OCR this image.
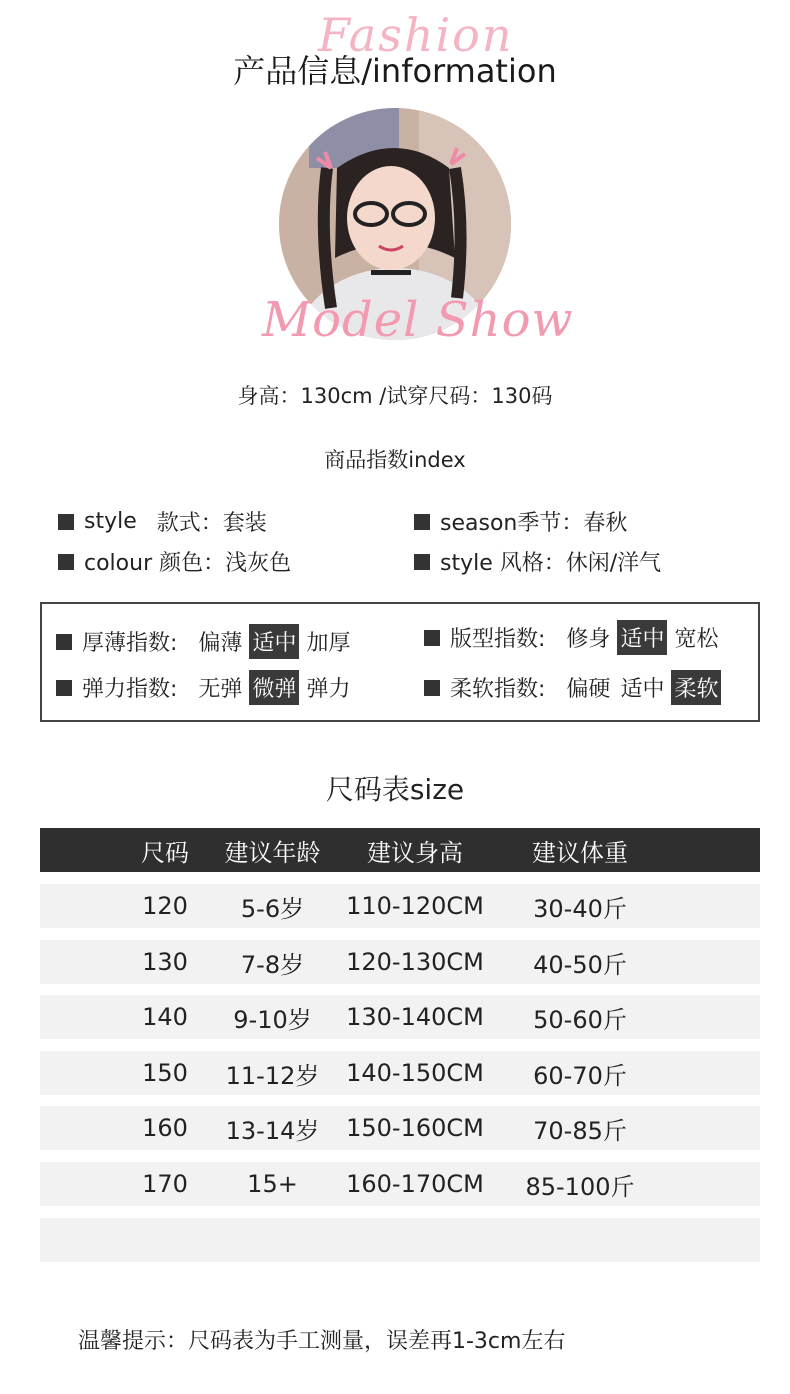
Fashion
产品信息/information
Model Show
身高：130cm /试穿尺码：130码
商品指数index
style 款式：套装	season季节：春秋
colour 颜色：浅灰色	style 风格：休闲/洋气
厚薄指数: 偏薄 适中 加厚	版型指数: 修身 适中 宽松
弹力指数: 无弹 微弹 弹力	柔软指数: 偏硬 适中 柔软
尺码表size
尺码	建议年龄	建议身高	建议体重
120	5-6岁	110-120CM	30-40斤
130	7-8岁	120-130CM	40-50斤
140	9-10岁	130-140CM	50-60斤
150	11-12岁	140-150CM	60-70斤
160	13-14岁	150-160CM	70-85斤
170	15+	160-170CM	85-100斤
温馨提示：尺码表为手工测量，误差再1-3cm左右
